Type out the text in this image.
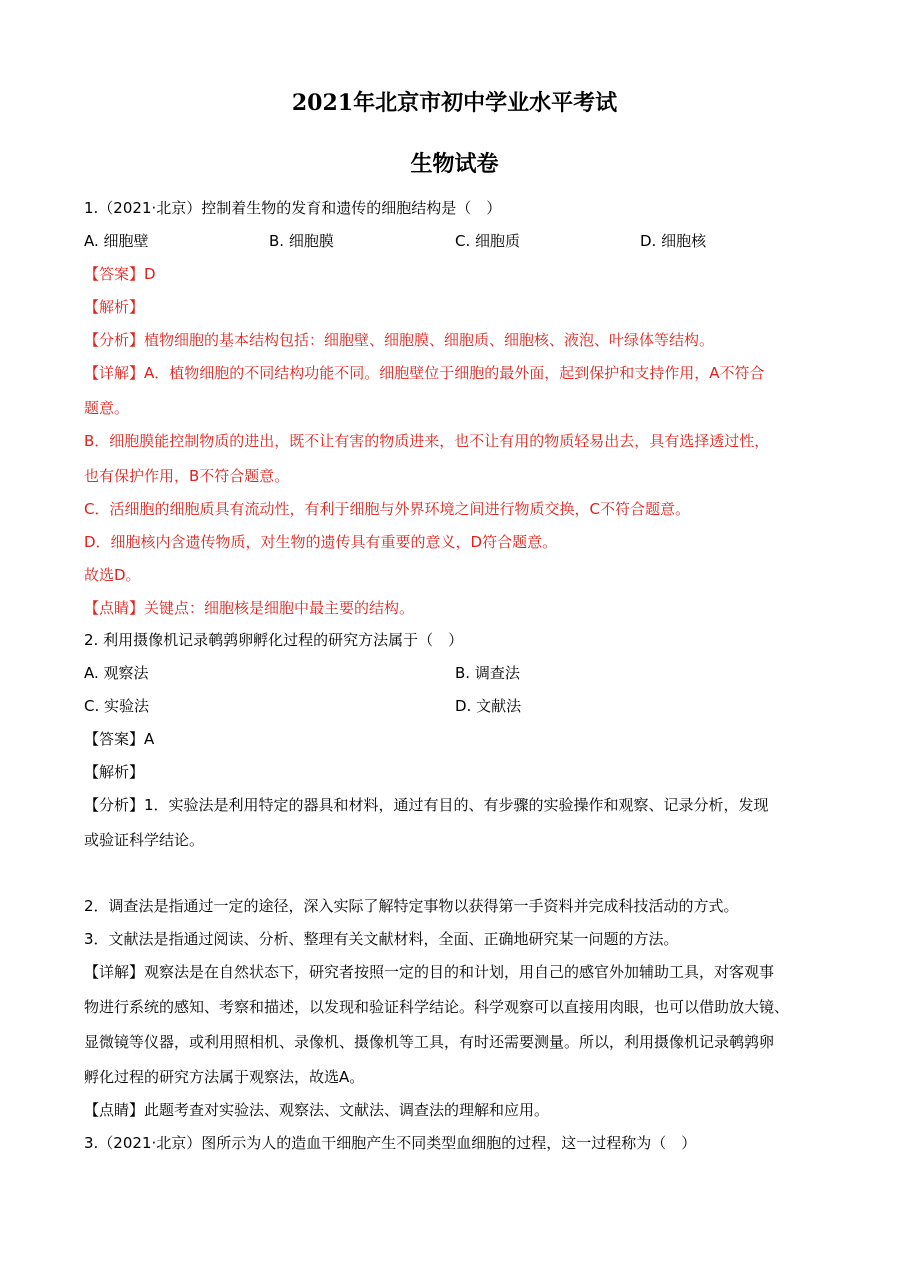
2021年北京市初中学业水平考试
生物试卷
1.（2021·北京）控制着生物的发育和遗传的细胞结构是（　）
A. 细胞壁	B. 细胞膜	C. 细胞质	D. 细胞核
【答案】D
【解析】
【分析】植物细胞的基本结构包括：细胞壁、细胞膜、细胞质、细胞核、液泡、叶绿体等结构。
【详解】A．植物细胞的不同结构功能不同。细胞壁位于细胞的最外面，起到保护和支持作用，A不符合
题意。
B．细胞膜能控制物质的进出，既不让有害的物质进来，也不让有用的物质轻易出去，具有选择透过性，
也有保护作用，B不符合题意。
C．活细胞的细胞质具有流动性，有利于细胞与外界环境之间进行物质交换，C不符合题意。
D．细胞核内含遗传物质，对生物的遗传具有重要的意义，D符合题意。
故选D。
【点睛】关键点：细胞核是细胞中最主要的结构。
2. 利用摄像机记录鹌鹑卵孵化过程的研究方法属于（　）
A. 观察法	B. 调查法
C. 实验法	D. 文献法
【答案】A
【解析】
【分析】1．实验法是利用特定的器具和材料，通过有目的、有步骤的实验操作和观察、记录分析，发现
或验证科学结论。
2．调查法是指通过一定的途径，深入实际了解特定事物以获得第一手资料并完成科技活动的方式。
3．文献法是指通过阅读、分析、整理有关文献材料，全面、正确地研究某一问题的方法。
【详解】观察法是在自然状态下，研究者按照一定的目的和计划，用自己的感官外加辅助工具，对客观事
物进行系统的感知、考察和描述，以发现和验证科学结论。科学观察可以直接用肉眼，也可以借助放大镜、
显微镜等仪器，或利用照相机、录像机、摄像机等工具，有时还需要测量。所以，利用摄像机记录鹌鹑卵
孵化过程的研究方法属于观察法，故选A。
【点睛】此题考查对实验法、观察法、文献法、调查法的理解和应用。
3.（2021·北京）图所示为人的造血干细胞产生不同类型血细胞的过程，这一过程称为（　）
